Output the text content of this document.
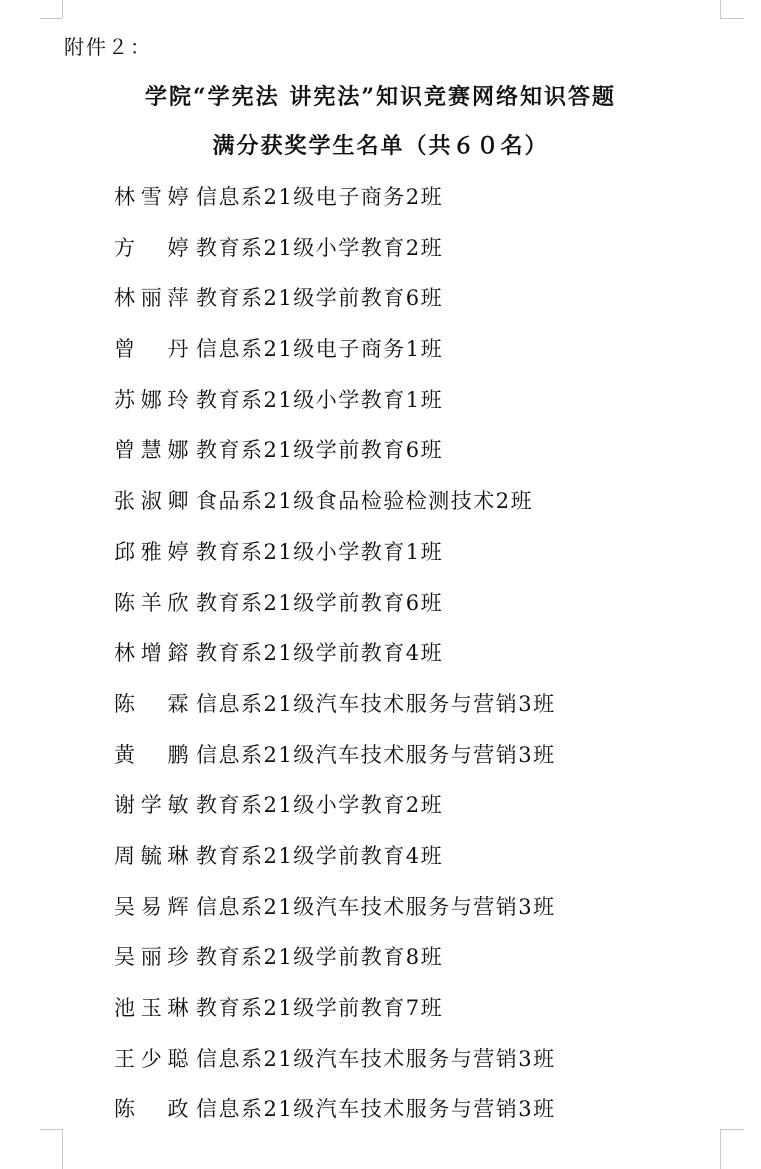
附件２：
学院“学宪法 讲宪法”知识竞赛网络知识答题
满分获奖学生名单（共６０名）
林雪婷 信息系21级电子商务2班
方　婷 教育系21级小学教育2班
林丽萍 教育系21级学前教育6班
曾　丹 信息系21级电子商务1班
苏娜玲 教育系21级小学教育1班
曾慧娜 教育系21级学前教育6班
张淑卿 食品系21级食品检验检测技术2班
邱雅婷 教育系21级小学教育1班
陈羊欣 教育系21级学前教育6班
林增鎔 教育系21级学前教育4班
陈　霖 信息系21级汽车技术服务与营销3班
黄　鹏 信息系21级汽车技术服务与营销3班
谢学敏 教育系21级小学教育2班
周毓琳 教育系21级学前教育4班
吴易辉 信息系21级汽车技术服务与营销3班
吴丽珍 教育系21级学前教育8班
池玉琳 教育系21级学前教育7班
王少聪 信息系21级汽车技术服务与营销3班
陈　政 信息系21级汽车技术服务与营销3班
